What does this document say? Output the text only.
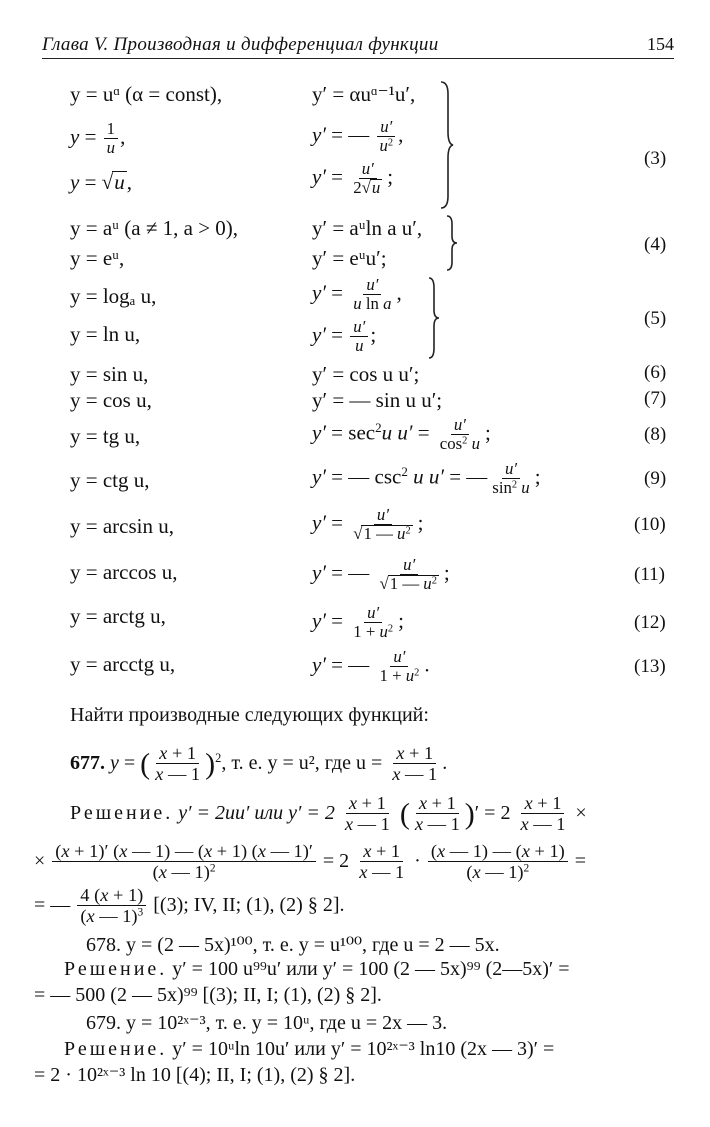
Глава V. Производная и дифференциал функции	154
y = uᵅ (α = const),	y′ = αuᵅ⁻¹u′,
$y = \frac{1}{u}$ ,	y′ = — $\frac{u'}{u^2}$ ,
y = √u,	$y' = \frac{u'}{2√u}$ ;
(3)
y = aᵘ (a ≠ 1, a > 0),	y′ = aᵘln a u′,
y = eᵘ,	y′ = eᵘu′;
(4)
y = logₐ u,	$y' = \frac{u'}{\text{u ln a}}$ ,
y = ln u,	$y' = \frac{u'}{u}$ ;
(5)
y = sin u,	y′ = cos u u′;	(6)
y = cos u,	y′ = — sin u u′;	(7)
y = tg u,	$y' = \sec^2u$ $u' = \frac{u'}{\cos^2 u}$ ;	(8)
y = ctg u,	y′ = — $\csc^2 u$ u′ = — $\frac{u'}{\sin^2 u}$ ;	(9)
y = arcsin u,	$y' = \frac{u'}{√1 — u^2}$ ;	(10)
y = arccos u,	y′ = — $\frac{u'}{√1 — u^2}$ ;	(11)
y = arctg u,	$y' = \frac{u'}{1 + u^2}$ ;	(12)
y = arcctg u,	y′ = — $\frac{u'}{1 + u^2}$ .	(13)
Найти производные следующих функций:
677. y = ( $\frac{x + 1}{x — 1} )^2$, т. е. y = u², где $u = \frac{x + 1}{x — 1}$ .
Решение. y′ = 2uu′ или $y' = 2 \frac{x + 1}{x — 1}$ ( $\frac{x + 1}{x — 1}$ )′ = $2 \frac{x + 1}{x — 1}$ ×
× $\frac{(x + 1)' (x — 1) — (x + 1) (x — 1)'}{(x — 1)^2} = 2 \frac{x + 1}{x — 1} \cdot \frac{(x — 1) — (x + 1)}{(x — 1)^2}$ =
= — $\frac{4 (x + 1)}{(x — 1)^3} [(3)$; IV, II; (1), (2) § 2].
678. y = (2 — 5x)¹⁰⁰, т. е. y = u¹⁰⁰, где u = 2 — 5x.
Решение. y′ = 100 u⁹⁹u′ или y′ = 100 (2 — 5x)⁹⁹ (2—5x)′ =
= — 500 (2 — 5x)⁹⁹ [(3); II, I; (1), (2) § 2].
679. y = 10²ˣ⁻³, т. е. y = 10ᵘ, где u = 2x — 3.
Решение. y′ = 10ᵘln 10u′ или y′ = 10²ˣ⁻³ ln10 (2x — 3)′ =
= 2 · 10²ˣ⁻³ ln 10 [(4); II, I; (1), (2) § 2].
